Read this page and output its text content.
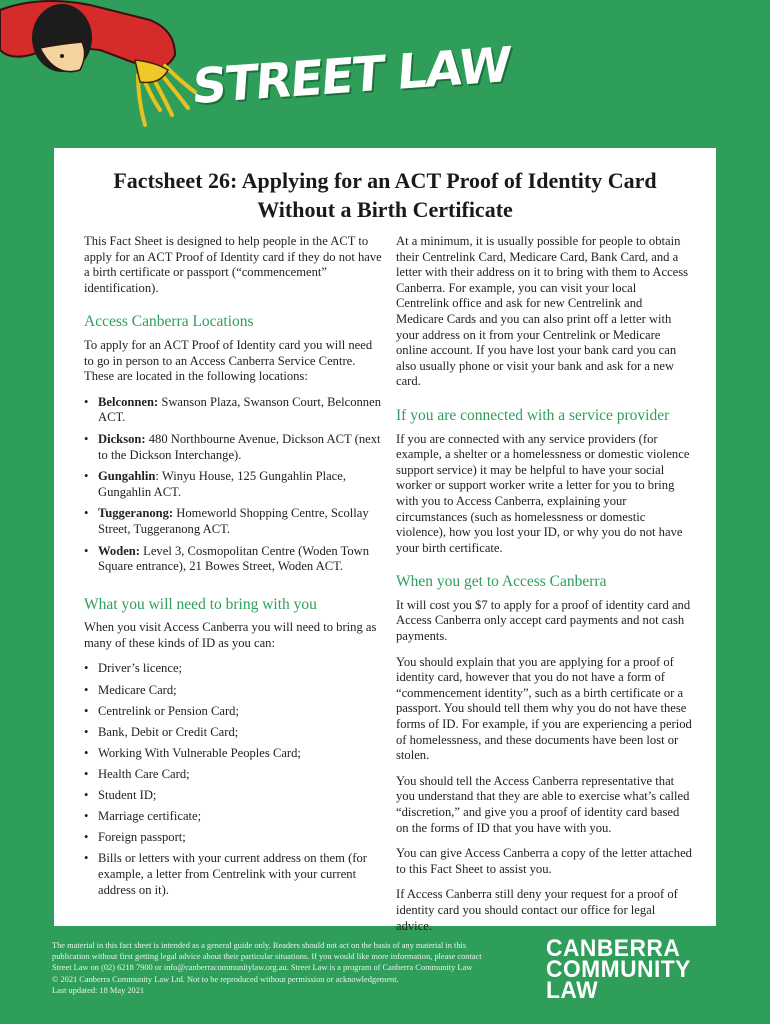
STREET LAW
Factsheet 26: Applying for an ACT Proof of Identity Card
Without a Birth Certificate

This Fact Sheet is designed to help people in the ACT to apply for an ACT Proof of Identity card if they do not have a birth certificate or passport (“commencement” identification).

Access Canberra Locations

To apply for an ACT Proof of Identity card you will need to go in person to an Access Canberra Service Centre. These are located in the following locations:

• Belconnen: Swanson Plaza, Swanson Court, Belconnen ACT.
• Dickson: 480 Northbourne Avenue, Dickson ACT (next to the Dickson Interchange).
• Gungahlin: Winyu House, 125 Gungahlin Place, Gungahlin ACT.
• Tuggeranong: Homeworld Shopping Centre, Scollay Street, Tuggeranong ACT.
• Woden: Level 3, Cosmopolitan Centre (Woden Town Square entrance), 21 Bowes Street, Woden ACT.
What you will need to bring with you

When you visit Access Canberra you will need to bring as many of these kinds of ID as you can:

• Driver’s licence;
• Medicare Card;
• Centrelink or Pension Card;
• Bank, Debit or Credit Card;
• Working With Vulnerable Peoples Card;
• Health Care Card;
• Student ID;
• Marriage certificate;
• Foreign passport;
• Bills or letters with your current address on them (for example, a letter from Centrelink with your current address on it).

At a minimum, it is usually possible for people to obtain their Centrelink Card, Medicare Card, Bank Card, and a letter with their address on it to bring with them to Access Canberra. For example, you can visit your local Centrelink office and ask for new Centrelink and Medicare Cards and you can also print off a letter with your address on it from your Centrelink or Medicare online account. If you have lost your bank card you can also usually phone or visit your bank and ask for a new card.

If you are connected with a service provider

If you are connected with any service providers (for example, a shelter or a homelessness or domestic violence support service) it may be helpful to have your social worker or support worker write a letter for you to bring with you to Access Canberra, explaining your circumstances (such as homelessness or domestic violence), how you lost your ID, or why you do not have your birth certificate.

When you get to Access Canberra

It will cost you $7 to apply for a proof of identity card and Access Canberra only accept card payments and not cash payments.

You should explain that you are applying for a proof of identity card, however that you do not have a form of “commencement identity”, such as a birth certificate or a passport. You should tell them why you do not have these forms of ID. For example, if you are experiencing a period of homelessness, and these documents have been lost or stolen.

You should tell the Access Canberra representative that you understand that they are able to exercise what’s called “discretion,” and give you a proof of identity card based on the forms of ID that you have with you.

You can give Access Canberra a copy of the letter attached to this Fact Sheet to assist you.

If Access Canberra still deny your request for a proof of identity card you should contact our office for legal advice.

The material in this fact sheet is intended as a general guide only. Readers should not act on the basis of any material in this publication without first getting legal advice about their particular situations. If you would like more information, please contact Street Law on (02) 6218 7900 or info@canberracommunitylaw.org.au. Street Law is a program of Canberra Community Law

© 2021 Canberra Community Law Ltd. Not to be reproduced without permission or acknowledgement.

Last updated: 18 May 2021

CANBERRA
COMMUNITY
LAW
